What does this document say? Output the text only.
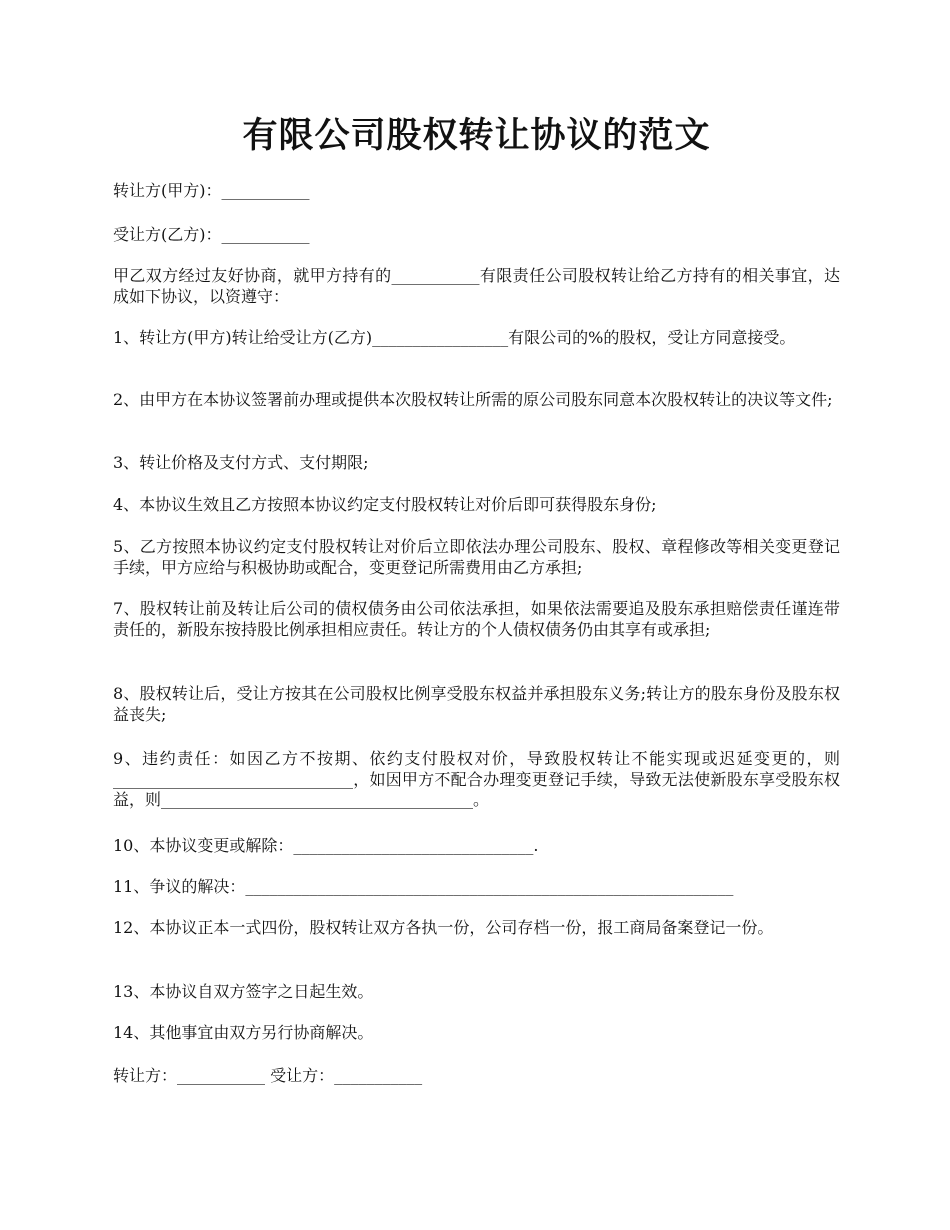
有限公司股权转让协议的范文

转让方(甲方)：___________

受让方(乙方)：___________

甲乙双方经过友好协商，就甲方持有的___________有限责任公司股权转让给乙方持有的相关事宜，达成如下协议，以资遵守：

1、转让方(甲方)转让给受让方(乙方)_________________有限公司的%的股权，受让方同意接受。

2、由甲方在本协议签署前办理或提供本次股权转让所需的原公司股东同意本次股权转让的决议等文件;

3、转让价格及支付方式、支付期限;

4、本协议生效且乙方按照本协议约定支付股权转让对价后即可获得股东身份;

5、乙方按照本协议约定支付股权转让对价后立即依法办理公司股东、股权、章程修改等相关变更登记手续，甲方应给与积极协助或配合，变更登记所需费用由乙方承担;

7、股权转让前及转让后公司的债权债务由公司依法承担，如果依法需要追及股东承担赔偿责任谨连带责任的，新股东按持股比例承担相应责任。转让方的个人债权债务仍由其享有或承担;

8、股权转让后，受让方按其在公司股权比例享受股东权益并承担股东义务;转让方的股东身份及股东权益丧失;

9、违约责任：如因乙方不按期、依约支付股权对价，导致股权转让不能实现或迟延变更的，则______________________________，如因甲方不配合办理变更登记手续，导致无法使新股东享受股东权益，则_______________________________________。

10、本协议变更或解除：______________________________.

11、争议的解决：_____________________________________________________________

12、本协议正本一式四份，股权转让双方各执一份，公司存档一份，报工商局备案登记一份。

13、本协议自双方签字之日起生效。

14、其他事宜由双方另行协商解决。

转让方：___________ 受让方：___________
